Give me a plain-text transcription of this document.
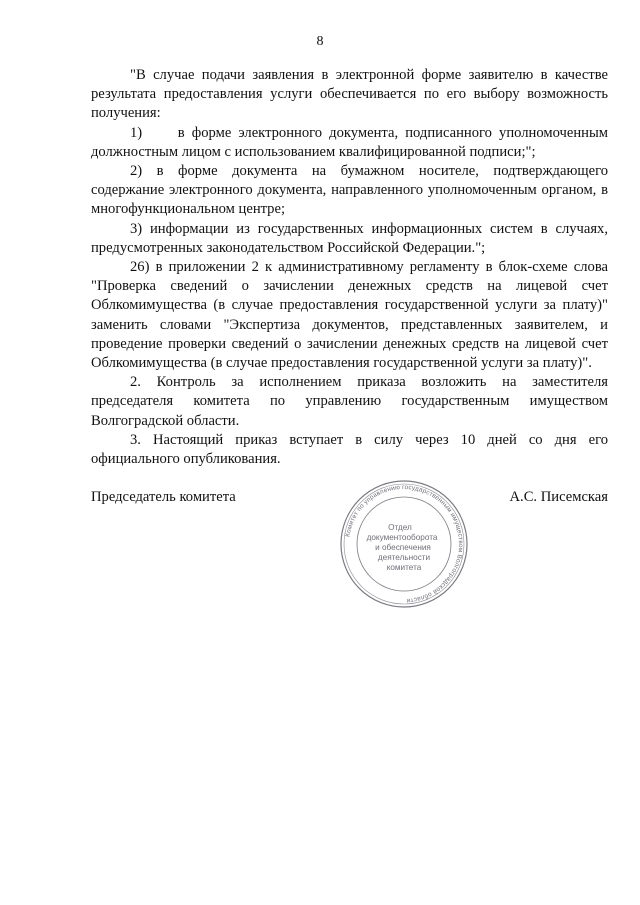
8

"В случае подачи заявления в электронной форме заявителю в качестве результата предоставления услуги обеспечивается по его выбору возможность получения:

1)     в форме электронного документа, подписанного уполномоченным должностным лицом с использованием квалифицированной подписи;";

2) в форме документа на бумажном носителе, подтверждающего содержание электронного документа, направленного уполномоченным органом, в многофункциональном центре;

3) информации из государственных информационных систем в случаях, предусмотренных законодательством Российской Федерации.";

26) в приложении 2 к административному регламенту в блок-схеме слова "Проверка сведений о зачислении денежных средств на лицевой счет Облкомимущества (в случае предоставления государственной услуги за плату)" заменить словами "Экспертиза документов, представленных заявителем, и проведение проверки сведений о зачислении денежных средств на лицевой счет Облкомимущества (в случае предоставления государственной услуги за плату)".

2. Контроль за исполнением приказа возложить на заместителя председателя комитета по управлению государственным имуществом Волгоградской области.

3. Настоящий приказ вступает в силу через 10 дней со дня его официального опубликования.

Председатель комитета	А.С. Писемская
Комитет по управлению государственным имуществом Волгоградской области
Отдел
документооборота
и обеспечения
деятельности
комитета
